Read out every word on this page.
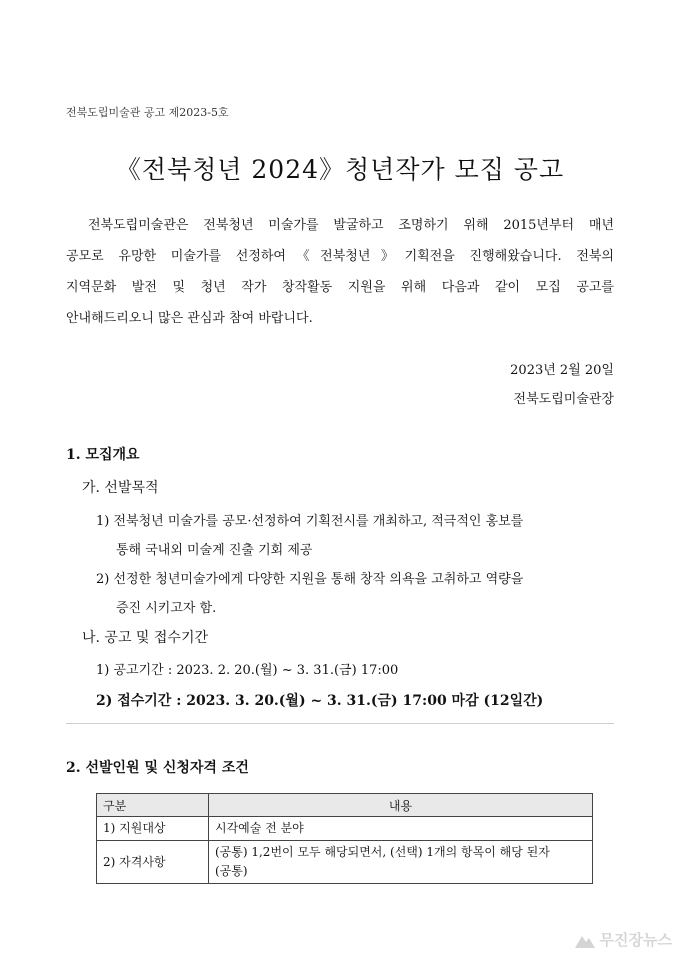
전북도립미술관 공고 제2023-5호
《전북청년 2024》청년작가 모집 공고
전북도립미술관은 전북청년 미술가를 발굴하고 조명하기 위해 2015년부터 매년
공모로 유망한 미술가를 선정하여《전북청년》기획전을 진행해왔습니다. 전북의
지역문화 발전 및 청년 작가 창작활동 지원을 위해 다음과 같이 모집 공고를
안내해드리오니 많은 관심과 참여 바랍니다.
2023년 2월 20일
전북도립미술관장
1. 모집개요
가. 선발목적
1) 전북청년 미술가를 공모·선정하여 기획전시를 개최하고, 적극적인 홍보를
통해 국내외 미술계 진출 기회 제공
2) 선정한 청년미술가에게 다양한 지원을 통해 창작 의욕을 고취하고 역량을
증진 시키고자 함.
나. 공고 및 접수기간
1) 공고기간 : 2023. 2. 20.(월) ~ 3. 31.(금) 17:00
2) 접수기간 : 2023. 3. 20.(월) ~ 3. 31.(금) 17:00 마감 (12일간)
2. 선발인원 및 신청자격 조건
구분	내용
1) 지원대상	시각예술 전 분야
2) 자격사항	(공통) 1,2번이 모두 해당되면서, (선택) 1개의 항목이 해당 된자
(공통)
무진장뉴스
